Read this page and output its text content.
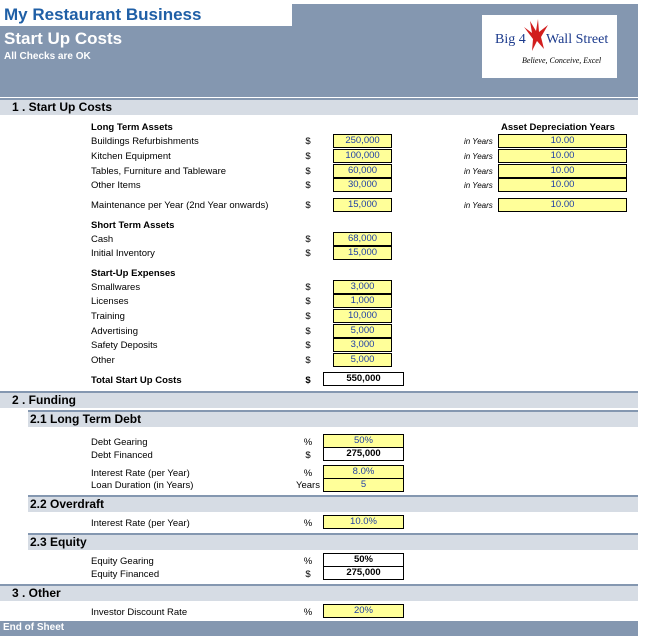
My Restaurant Business
Start Up Costs
All Checks are OK
Big 4 Wall Street
Believe, Conceive, Excel
1 . Start Up Costs
Long Term Assets	Asset Depreciation Years
Buildings Refurbishments	$	250,000	in Years	10.00
Kitchen Equipment	$	100,000	in Years	10.00
Tables, Furniture and Tableware	$	60,000	in Years	10.00
Other Items	$	30,000	in Years	10.00
Maintenance per Year (2nd Year onwards)	$	15,000	in Years	10.00
Short Term Assets
Cash	$	68,000
Initial Inventory	$	15,000
Start-Up Expenses
Smallwares	$	3,000
Licenses	$	1,000
Training	$	10,000
Advertising	$	5,000
Safety Deposits	$	3,000
Other	$	5,000
Total Start Up Costs	$	550,000
2 . Funding
2.1 Long Term Debt
Debt Gearing	%	50%
Debt Financed	$	275,000
Interest Rate (per Year)	%	8.0%
Loan Duration (in Years)	Years	5
2.2 Overdraft
Interest Rate (per Year)	%	10.0%
2.3 Equity
Equity Gearing	%	50%
Equity Financed	$	275,000
3 . Other
Investor Discount Rate	%	20%
End of Sheet
